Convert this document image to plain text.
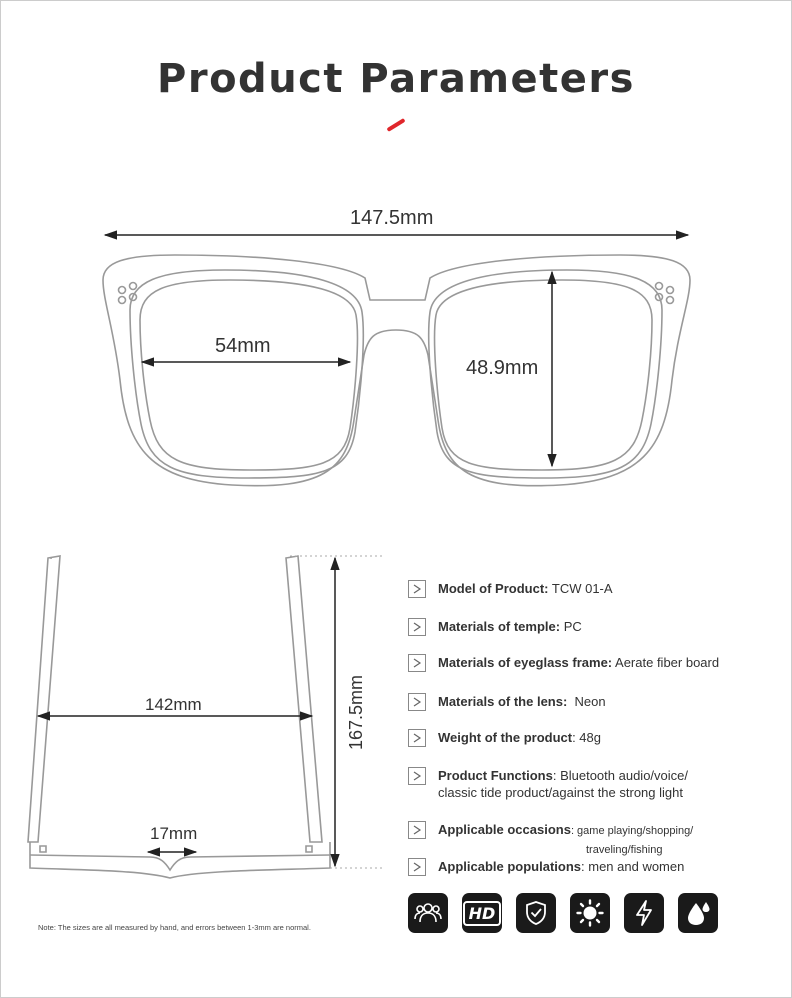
Product Parameters
147.5mm
54mm
48.9mm
142mm
17mm
167.5mm
Model of Product: TCW 01-A
Materials of temple: PC
Materials of eyeglass frame: Aerate fiber board
Materials of the lens:  Neon
Weight of the product: 48g
Product Functions: Bluetooth audio/voice/
classic tide product/against the strong light
Applicable occasions: game playing/shopping/
traveling/fishing
Applicable populations: men and women
HD
Note: The sizes are all measured by hand, and errors between 1-3mm are normal.
